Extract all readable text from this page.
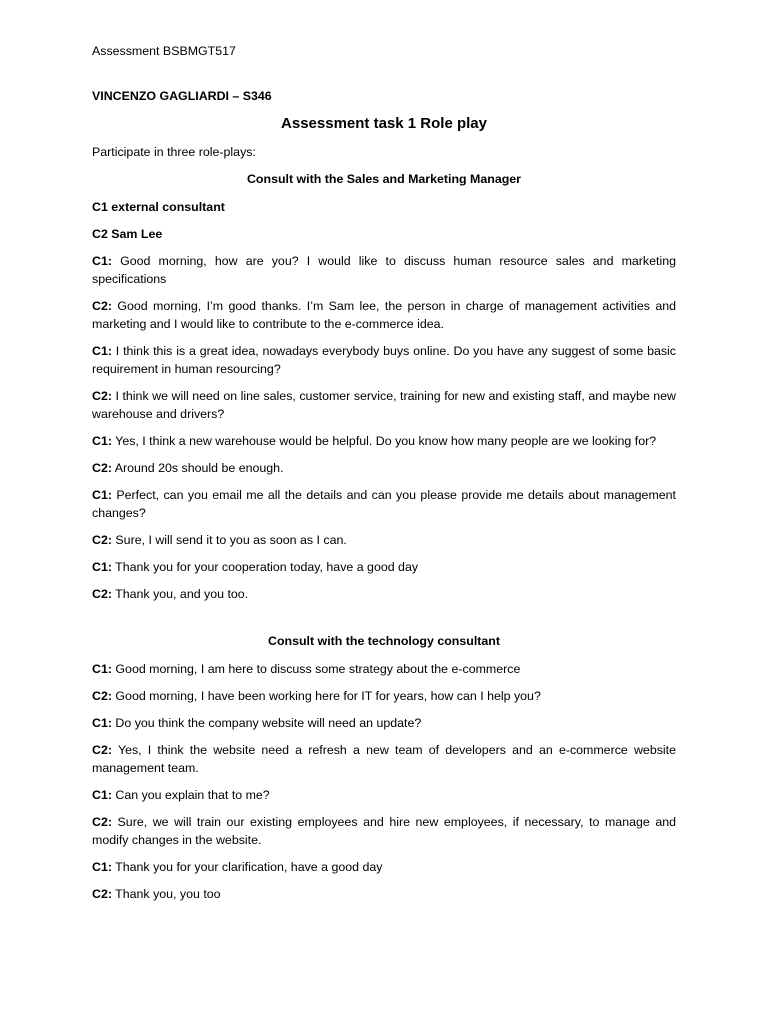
Assessment BSBMGT517

VINCENZO GAGLIARDI – S346

Assessment task 1 Role play

Participate in three role-plays:

Consult with the Sales and Marketing Manager

C1 external consultant

C2 Sam Lee

C1: Good morning, how are you? I would like to discuss human resource sales and marketing specifications

C2: Good morning, I’m good thanks. I’m Sam lee, the person in charge of management activities and marketing and I would like to contribute to the e-commerce idea.

C1: I think this is a great idea, nowadays everybody buys online. Do you have any suggest of some basic requirement in human resourcing?

C2: I think we will need on line sales, customer service, training for new and existing staff, and maybe new warehouse and drivers?

C1: Yes, I think a new warehouse would be helpful. Do you know how many people are we looking for?

C2: Around 20s should be enough.

C1: Perfect, can you email me all the details and can you please provide me details about management changes?

C2: Sure, I will send it to you as soon as I can.

C1: Thank you for your cooperation today, have a good day

C2: Thank you, and you too.

Consult with the technology consultant

C1: Good morning, I am here to discuss some strategy about the e-commerce

C2: Good morning, I have been working here for IT for years, how can I help you?

C1: Do you think the company website will need an update?

C2: Yes, I think the website need a refresh a new team of developers and an e-commerce website management team.

C1: Can you explain that to me?

C2: Sure, we will train our existing employees and hire new employees, if necessary, to manage and modify changes in the website.

C1: Thank you for your clarification, have a good day

C2: Thank you, you too
